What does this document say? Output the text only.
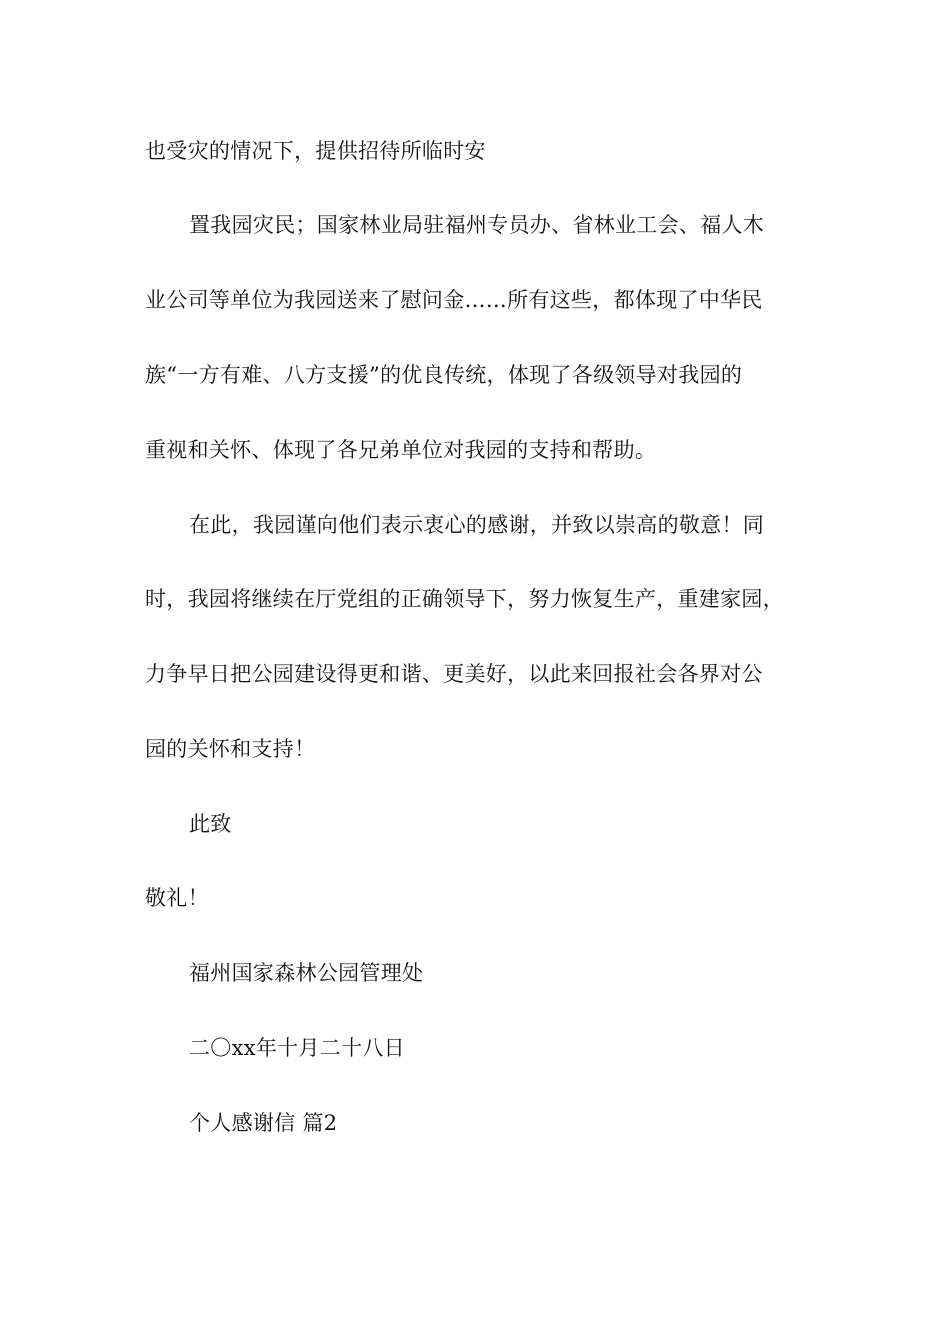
也受灾的情况下，提供招待所临时安
置我园灾民；国家林业局驻福州专员办、省林业工会、福人木
业公司等单位为我园送来了慰问金……所有这些，都体现了中华民
族“一方有难、八方支援”的优良传统，体现了各级领导对我园的
重视和关怀、体现了各兄弟单位对我园的支持和帮助。
在此，我园谨向他们表示衷心的感谢，并致以崇高的敬意！同
时，我园将继续在厅党组的正确领导下，努力恢复生产，重建家园，
力争早日把公园建设得更和谐、更美好，以此来回报社会各界对公
园的关怀和支持！
此致
敬礼！
福州国家森林公园管理处
二〇xx年十月二十八日
个人感谢信 篇2
